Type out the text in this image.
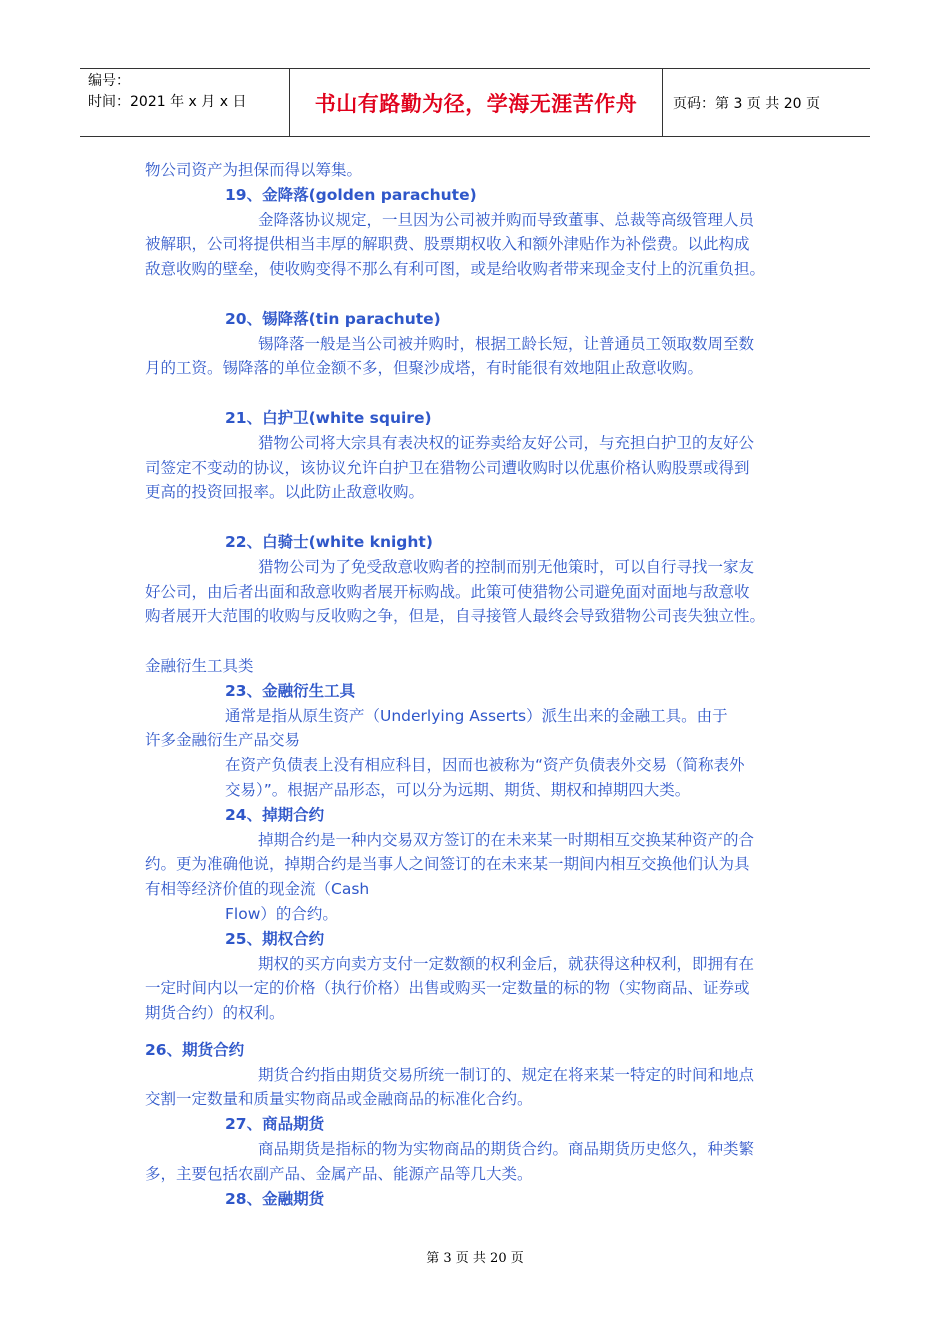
编号：
时间：2021 年 x 月 x 日	书山有路勤为径，学海无涯苦作舟	页码：第 3 页 共 20 页
物公司资产为担保而得以筹集。
19、金降落(golden parachute)
金降落协议规定，一旦因为公司被并购而导致董事、总裁等高级管理人员
被解职，公司将提供相当丰厚的解职费、股票期权收入和额外津贴作为补偿费。以此构成
敌意收购的壁垒，使收购变得不那么有利可图，或是给收购者带来现金支付上的沉重负担。
20、锡降落(tin parachute)
锡降落一般是当公司被并购时，根据工龄长短，让普通员工领取数周至数
月的工资。锡降落的单位金额不多，但聚沙成塔，有时能很有效地阻止敌意收购。
21、白护卫(white squire)
猎物公司将大宗具有表决权的证券卖给友好公司，与充担白护卫的友好公
司签定不变动的协议，该协议允许白护卫在猎物公司遭收购时以优惠价格认购股票或得到
更高的投资回报率。以此防止敌意收购。
22、白骑士(white knight)
猎物公司为了免受敌意收购者的控制而别无他策时，可以自行寻找一家友
好公司，由后者出面和敌意收购者展开标购战。此策可使猎物公司避免面对面地与敌意收
购者展开大范围的收购与反收购之争，但是，自寻接管人最终会导致猎物公司丧失独立性。
金融衍生工具类
23、金融衍生工具
通常是指从原生资产（Underlying Asserts）派生出来的金融工具。由于
许多金融衍生产品交易
在资产负债表上没有相应科目，因而也被称为“资产负债表外交易（简称表外
交易）”。根据产品形态，可以分为远期、期货、期权和掉期四大类。
24、掉期合约
掉期合约是一种内交易双方签订的在未来某一时期相互交换某种资产的合
约。更为准确他说，掉期合约是当事人之间签订的在未来某一期间内相互交换他们认为具
有相等经济价值的现金流（Cash
Flow）的合约。
25、期权合约
期权的买方向卖方支付一定数额的权利金后，就获得这种权利，即拥有在
一定时间内以一定的价格（执行价格）出售或购买一定数量的标的物（实物商品、证券或
期货合约）的权利。
26、期货合约
期货合约指由期货交易所统一制订的、规定在将来某一特定的时间和地点
交割一定数量和质量实物商品或金融商品的标准化合约。
27、商品期货
商品期货是指标的物为实物商品的期货合约。商品期货历史悠久，种类繁
多，主要包括农副产品、金属产品、能源产品等几大类。
28、金融期货
第 3 页 共 20 页
